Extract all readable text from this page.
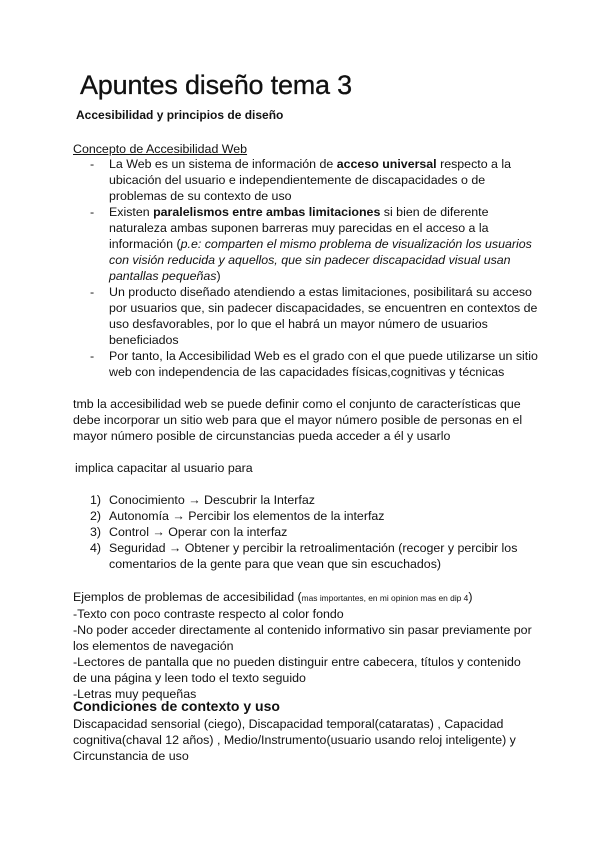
Apuntes diseño tema 3

Accesibilidad y principios de diseño

Concepto de Accesibilidad Web

- La Web es un sistema de información de acceso universal respecto a la ubicación del usuario e independientemente de discapacidades o de problemas de su contexto de uso
- Existen paralelismos entre ambas limitaciones si bien de diferente naturaleza ambas suponen barreras muy parecidas en el acceso a la información (p.e: comparten el mismo problema de visualización los usuarios con visión reducida y aquellos, que sin padecer discapacidad visual usan pantallas pequeñas)
- Un producto diseñado atendiendo a estas limitaciones, posibilitará su acceso por usuarios que, sin padecer discapacidades, se encuentren en contextos de uso desfavorables, por lo que el habrá un mayor número de usuarios beneficiados
- Por tanto, la Accesibilidad Web es el grado con el que puede utilizarse un sitio web con independencia de las capacidades físicas,cognitivas y técnicas

tmb la accesibilidad web se puede definir como el conjunto de características que debe incorporar un sitio web para que el mayor número posible de personas en el mayor número posible de circunstancias pueda acceder a él y usarlo

implica capacitar al usuario para

1) Conocimiento → Descubrir la Interfaz
2) Autonomía → Percibir los elementos de la interfaz
3) Control → Operar con la interfaz
4) Seguridad → Obtener y percibir la retroalimentación (recoger y percibir los comentarios de la gente para que vean que sin escuchados)

Ejemplos de problemas de accesibilidad (mas importantes, en mi opinion mas en dip 4)

-Texto con poco contraste respecto al color fondo

-No poder acceder directamente al contenido informativo sin pasar previamente por los elementos de navegación

-Lectores de pantalla que no pueden distinguir entre cabecera, títulos y contenido de una página y leen todo el texto seguido

-Letras muy pequeñas

Condiciones de contexto y uso

Discapacidad sensorial (ciego), Discapacidad temporal(cataratas) , Capacidad cognitiva(chaval 12 años) , Medio/Instrumento(usuario usando reloj inteligente) y Circunstancia de uso
